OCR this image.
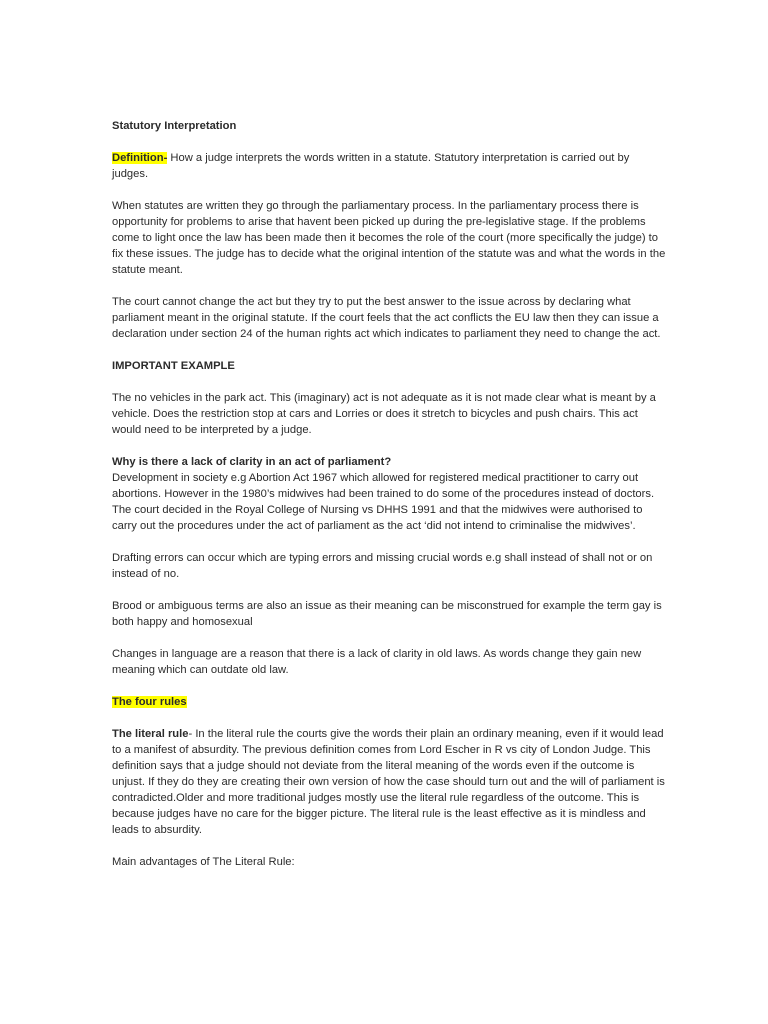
Statutory Interpretation

Definition- How a judge interprets the words written in a statute. Statutory interpretation is carried out by judges.

When statutes are written they go through the parliamentary process. In the parliamentary process there is opportunity for problems to arise that havent been picked up during the pre-legislative stage. If the problems come to light once the law has been made then it becomes the role of the court (more specifically the judge) to fix these issues. The judge has to decide what the original intention of the statute was and what the words in the statute meant.

The court cannot change the act but they try to put the best answer to the issue across by declaring what parliament meant in the original statute. If the court feels that the act conflicts the EU law then they can issue a declaration under section 24 of the human rights act which indicates to parliament they need to change the act.

IMPORTANT EXAMPLE

The no vehicles in the park act. This (imaginary) act is not adequate as it is not made clear what is meant by a vehicle. Does the restriction stop at cars and Lorries or does it stretch to bicycles and push chairs. This act would need to be interpreted by a judge.

Why is there a lack of clarity in an act of parliament?

Development in society e.g Abortion Act 1967 which allowed for registered medical practitioner to carry out abortions. However in the 1980’s midwives had been trained to do some of the procedures instead of doctors. The court decided in the Royal College of Nursing vs DHHS 1991 and that the midwives were authorised to carry out the procedures under the act of parliament as the act ‘did not intend to criminalise the midwives’.

Drafting errors can occur which are typing errors and missing crucial words e.g shall instead of shall not or on instead of no.

Brood or ambiguous terms are also an issue as their meaning can be misconstrued for example the term gay is both happy and homosexual

Changes in language are a reason that there is a lack of clarity in old laws. As words change they gain new meaning which can outdate old law.

The four rules

The literal rule- In the literal rule the courts give the words their plain an ordinary meaning, even if it would lead to a manifest of absurdity. The previous definition comes from Lord Escher in R vs city of London Judge. This definition says that a judge should not deviate from the literal meaning of the words even if the outcome is unjust. If they do they are creating their own version of how the case should turn out and the will of parliament is contradicted.Older and more traditional judges mostly use the literal rule regardless of the outcome. This is because judges have no care for the bigger picture. The literal rule is the least effective as it is mindless and leads to absurdity.

Main advantages of The Literal Rule:
